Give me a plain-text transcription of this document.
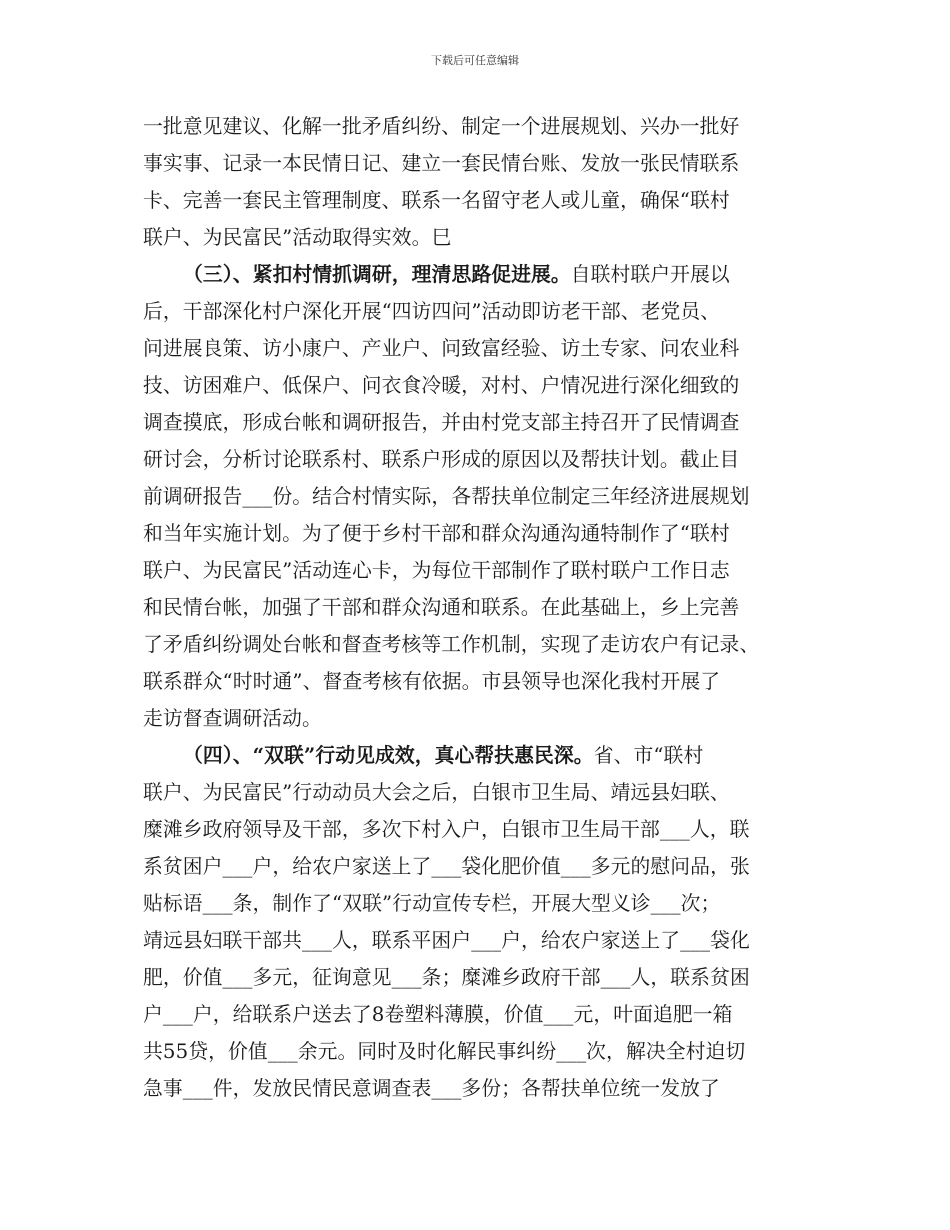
下载后可任意编辑
一批意见建议、化解一批矛盾纠纷、制定一个进展规划、兴办一批好
事实事、记录一本民情日记、建立一套民情台账、发放一张民情联系
卡、完善一套民主管理制度、联系一名留守老人或儿童，确保“联村
联户、为民富民”活动取得实效。巳
（三）、紧扣村情抓调研，理清思路促进展。自联村联户开展以
后，干部深化村户深化开展“四访四问”活动即访老干部、老党员、
问进展良策、访小康户、产业户、问致富经验、访土专家、问农业科
技、访困难户、低保户、问衣食冷暖，对村、户情况进行深化细致的
调查摸底，形成台帐和调研报告，并由村党支部主持召开了民情调查
研讨会，分析讨论联系村、联系户形成的原因以及帮扶计划。截止目
前调研报告___份。结合村情实际，各帮扶单位制定三年经济进展规划
和当年实施计划。为了便于乡村干部和群众沟通沟通特制作了“联村
联户、为民富民”活动连心卡，为每位干部制作了联村联户工作日志
和民情台帐，加强了干部和群众沟通和联系。在此基础上，乡上完善
了矛盾纠纷调处台帐和督查考核等工作机制，实现了走访农户有记录、
联系群众“时时通”、督查考核有依据。市县领导也深化我村开展了
走访督查调研活动。
（四）、“双联”行动见成效，真心帮扶惠民深。省、市“联村
联户、为民富民”行动动员大会之后，白银市卫生局、靖远县妇联、
糜滩乡政府领导及干部，多次下村入户，白银市卫生局干部___人，联
系贫困户___户，给农户家送上了___袋化肥价值___多元的慰问品，张
贴标语___条，制作了“双联”行动宣传专栏，开展大型义诊___次；
靖远县妇联干部共___人，联系平困户___户，给农户家送上了___袋化
肥，价值___多元，征询意见___条；糜滩乡政府干部___人，联系贫困
户___户，给联系户送去了8卷塑料薄膜，价值___元，叶面追肥一箱
共55贷，价值___余元。同时及时化解民事纠纷___次，解决全村迫切
急事___件，发放民情民意调查表___多份；各帮扶单位统一发放了
